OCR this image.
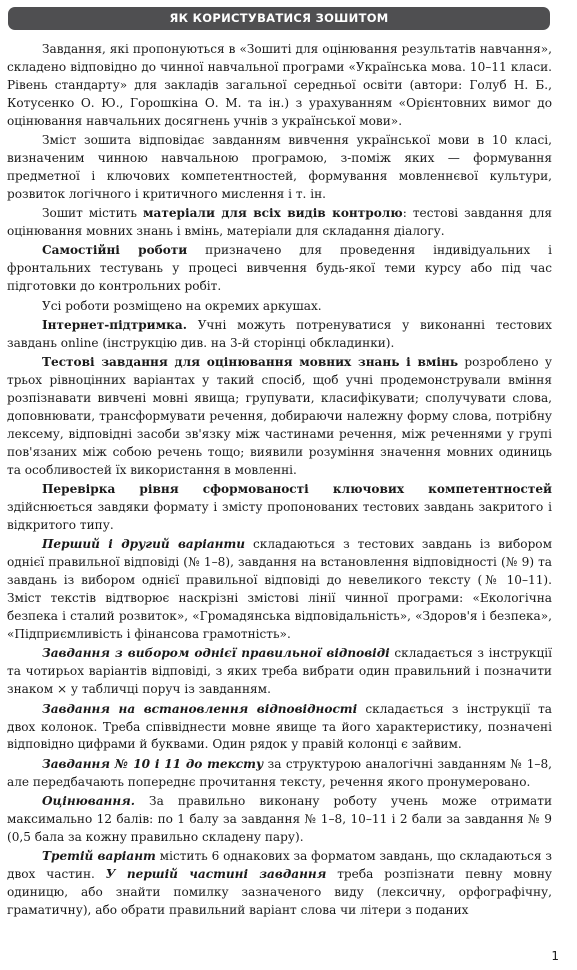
ЯК КОРИСТУВАТИСЯ ЗОШИТОМ

Завдання, які пропонуються в «Зошиті для оцінювання результатів навчання», складено відповідно до чинної навчальної програми «Українська мова. 10–11 класи. Рівень стандарту» для закладів загальної середньої освіти (автори: Голуб Н. Б., Котусенко О. Ю., Горошкіна О. М. та ін.) з урахуванням «Орієнтовних вимог до оцінювання навчальних досягнень учнів з української мови».

Зміст зошита відповідає завданням вивчення української мови в 10 класі, визначеним чинною навчальною програмою, з-поміж яких — формування предметної і ключових компетентностей, формування мовленнєвої культури, розвиток логічного і критичного мислення і т. ін.

Зошит містить матеріали для всіх видів контролю: тестові завдання для оцінювання мовних знань і вмінь, матеріали для складання діалогу.

Самостійні роботи призначено для проведення індивідуальних і фронтальних тестувань у процесі вивчення будь-якої теми курсу або під час підготовки до контрольних робіт.

Усі роботи розміщено на окремих аркушах.

Інтернет-підтримка. Учні можуть потренуватися у виконанні тестових завдань online (інструкцію див. на 3-й сторінці обкладинки).

Тестові завдання для оцінювання мовних знань і вмінь розроблено у трьох рівноцінних варіантах у такий спосіб, щоб учні продемонстрували вміння розпізнавати вивчені мовні явища; групувати, класифікувати; сполучувати слова, доповнювати, трансформувати речення, добираючи належну форму слова, потрібну лексему, відповідні засоби зв'язку між частинами речення, між реченнями у групі пов'язаних між собою речень тощо; виявили розуміння значення мовних одиниць та особливостей їх використання в мовленні.

Перевірка рівня сформованості ключових компетентностей здійснюється завдяки формату і змісту пропонованих тестових завдань закритого і відкритого типу.

Перший і другий варіанти складаються з тестових завдань із вибором однієї правильної відповіді (№ 1–8), завдання на встановлення відповідності (№ 9) та завдань із вибором однієї правильної відповіді до невеликого тексту (№ 10–11). Зміст текстів відтворює наскрізні змістові лінії чинної програми: «Екологічна безпека і сталий розвиток», «Громадянська відповідальність», «Здоров'я і безпека», «Підприємливість і фінансова грамотність».

Завдання з вибором однієї правильної відповіді складається з інструкції та чотирьох варіантів відповіді, з яких треба вибрати один правильний і позначити знаком × у табличці поруч із завданням.

Завдання на встановлення відповідності складається з інструкції та двох колонок. Треба співвіднести мовне явище та його характеристику, позначені відповідно цифрами й буквами. Один рядок у правій колонці є зайвим.

Завдання № 10 і 11 до тексту за структурою аналогічні завданням № 1–8, але передбачають попереднє прочитання тексту, речення якого пронумеровано.

Оцінювання. За правильно виконану роботу учень може отримати максимально 12 балів: по 1 балу за завдання № 1–8, 10–11 і 2 бали за завдання № 9 (0,5 бала за кожну правильно складену пару).

Третій варіант містить 6 однакових за форматом завдань, що складаються з двох частин. У першій частині завдання треба розпізнати певну мовну одиницю, або знайти помилку зазначеного виду (лексичну, орфографічну, граматичну), або обрати правильний варіант слова чи літери з поданих

1
